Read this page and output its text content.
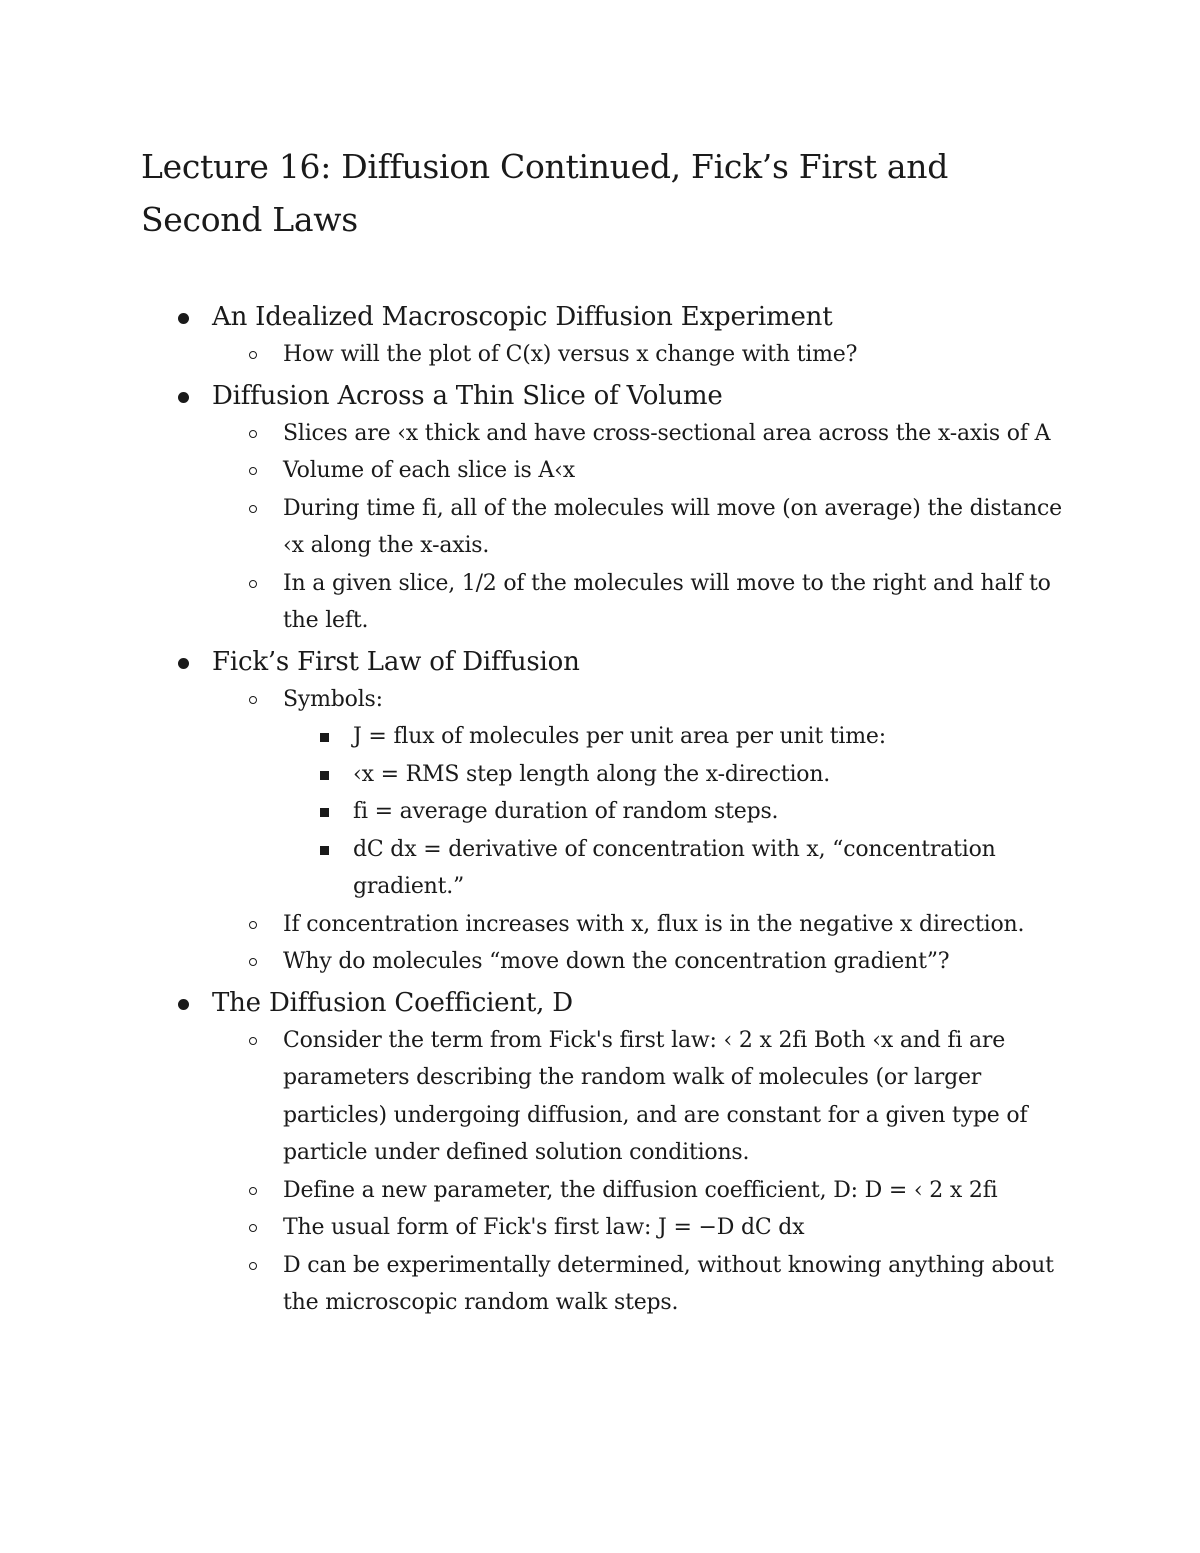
Lecture 16: Diffusion Continued, Fick’s First and Second Laws
An Idealized Macroscopic Diffusion Experiment
How will the plot of C(x) versus x change with time?
Diffusion Across a Thin Slice of Volume
Slices are ‹x thick and have cross-sectional area across the x-axis of A
Volume of each slice is A‹x
During time fi, all of the molecules will move (on average) the distance ‹x along the x-axis.
In a given slice, 1/2 of the molecules will move to the right and half to the left.
Fick’s First Law of Diffusion
Symbols:
J = flux of molecules per unit area per unit time:
‹x = RMS step length along the x-direction.
fi = average duration of random steps.
dC dx = derivative of concentration with x, “concentration gradient.”
If concentration increases with x, flux is in the negative x direction.
Why do molecules “move down the concentration gradient”?
The Diffusion Coefficient, D
Consider the term from Fick's first law: ‹ 2 x 2fi Both ‹x and fi are parameters describing the random walk of molecules (or larger particles) undergoing diffusion, and are constant for a given type of particle under defined solution conditions.
Define a new parameter, the diffusion coefficient, D: D = ‹ 2 x 2fi
The usual form of Fick's first law: J = −D dC dx
D can be experimentally determined, without knowing anything about the microscopic random walk steps.
